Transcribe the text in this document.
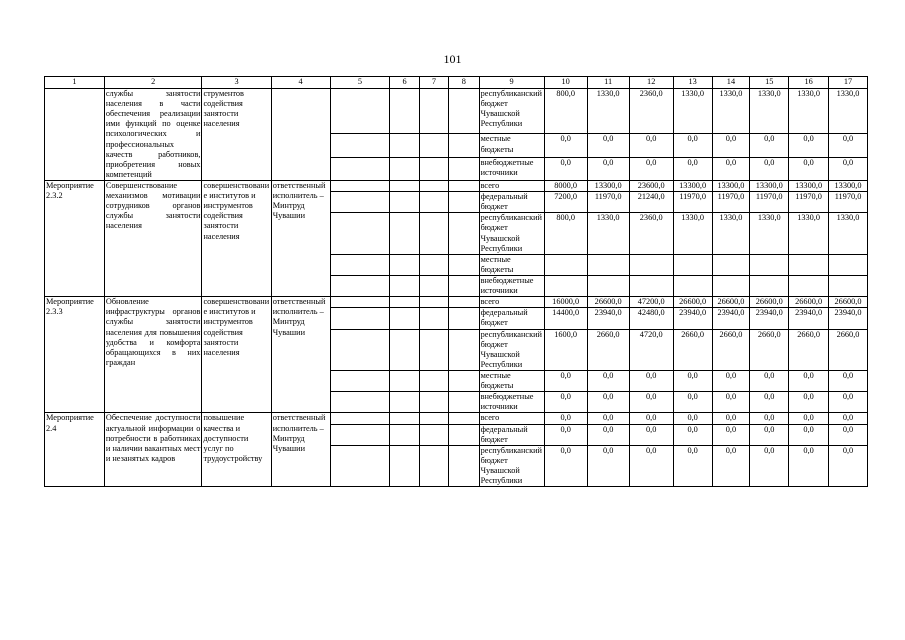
101
1	2	3	4	5	6	7	8	9	10	11	12	13	14	15	16	17
	службы занятости населения в части обеспечения реализации ими функций по оценке психологических и профессиональных качеств работников, приобретения новых компетенций	струментов содействия занятости населения						республиканский бюджет Чувашской Республики	800,0	1330,0	2360,0	1330,0	1330,0	1330,0	1330,0	1330,0
								местные бюджеты	0,0	0,0	0,0	0,0	0,0	0,0	0,0	0,0
								внебюджетные источники	0,0	0,0	0,0	0,0	0,0	0,0	0,0	0,0
Мероприятие 2.3.2	Совершенствование механизмов мотивации сотрудников органов службы занятости населения	совершенствование институтов и инструментов содействия занятости населения	ответственный исполнитель – Минтруд Чувашии					всего	8000,0	13300,0	23600,0	13300,0	13300,0	13300,0	13300,0	13300,0
								федеральный бюджет	7200,0	11970,0	21240,0	11970,0	11970,0	11970,0	11970,0	11970,0
								республиканский бюджет Чувашской Республики	800,0	1330,0	2360,0	1330,0	1330,0	1330,0	1330,0	1330,0
								местные бюджеты								
								внебюджетные источники								
Мероприятие 2.3.3	Обновление инфраструктуры органов службы занятости населения для повышения удобства и комфорта обращающихся в них граждан	совершенствование институтов и инструментов содействия занятости населения	ответственный исполнитель – Минтруд Чувашии					всего	16000,0	26600,0	47200,0	26600,0	26600,0	26600,0	26600,0	26600,0
								федеральный бюджет	14400,0	23940,0	42480,0	23940,0	23940,0	23940,0	23940,0	23940,0
								республиканский бюджет Чувашской Республики	1600,0	2660,0	4720,0	2660,0	2660,0	2660,0	2660,0	2660,0
								местные бюджеты	0,0	0,0	0,0	0,0	0,0	0,0	0,0	0,0
								внебюджетные источники	0,0	0,0	0,0	0,0	0,0	0,0	0,0	0,0
Мероприятие 2.4	Обеспечение доступности актуальной информации о потребности в работниках и наличии вакантных мест и незанятых кадров	повышение качества и доступности услуг по трудоустройству	ответственный исполнитель – Минтруд Чувашии					всего	0,0	0,0	0,0	0,0	0,0	0,0	0,0	0,0
								федеральный бюджет	0,0	0,0	0,0	0,0	0,0	0,0	0,0	0,0
								республиканский бюджет Чувашской Республики	0,0	0,0	0,0	0,0	0,0	0,0	0,0	0,0
